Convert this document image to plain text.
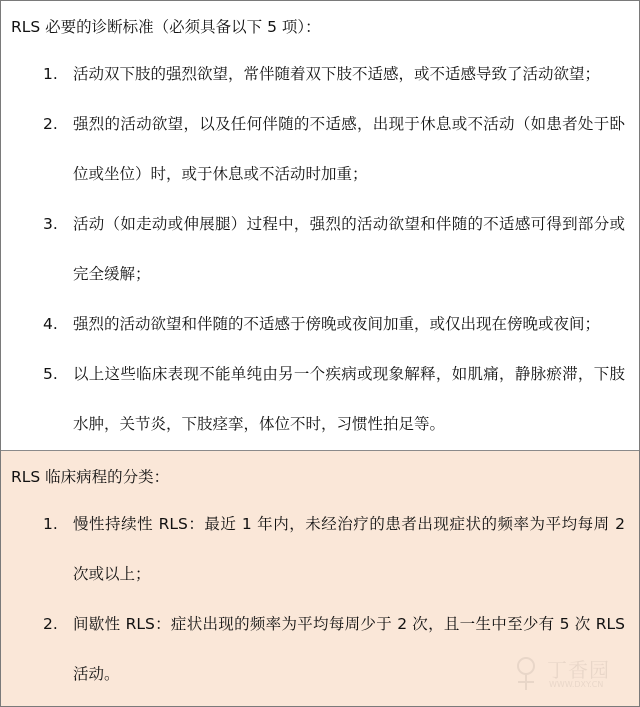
RLS 必要的诊断标准（必须具备以下 5 项）：
1. 活动双下肢的强烈欲望，常伴随着双下肢不适感，或不适感导致了活动欲望；
2. 强烈的活动欲望，以及任何伴随的不适感，出现于休息或不活动（如患者处于卧位或坐位）时，或于休息或不活动时加重；
3. 活动（如走动或伸展腿）过程中，强烈的活动欲望和伴随的不适感可得到部分或完全缓解；
4. 强烈的活动欲望和伴随的不适感于傍晚或夜间加重，或仅出现在傍晚或夜间；
5. 以上这些临床表现不能单纯由另一个疾病或现象解释，如肌痛，静脉瘀滞，下肢水肿，关节炎，下肢痉挛，体位不时，习惯性拍足等。
RLS 临床病程的分类：
1. 慢性持续性 RLS：最近 1 年内，未经治疗的患者出现症状的频率为平均每周 2 次或以上；
2. 间歇性 RLS：症状出现的频率为平均每周少于 2 次，且一生中至少有 5 次 RLS 活动。	丁香园
WWW.DXY.CN
